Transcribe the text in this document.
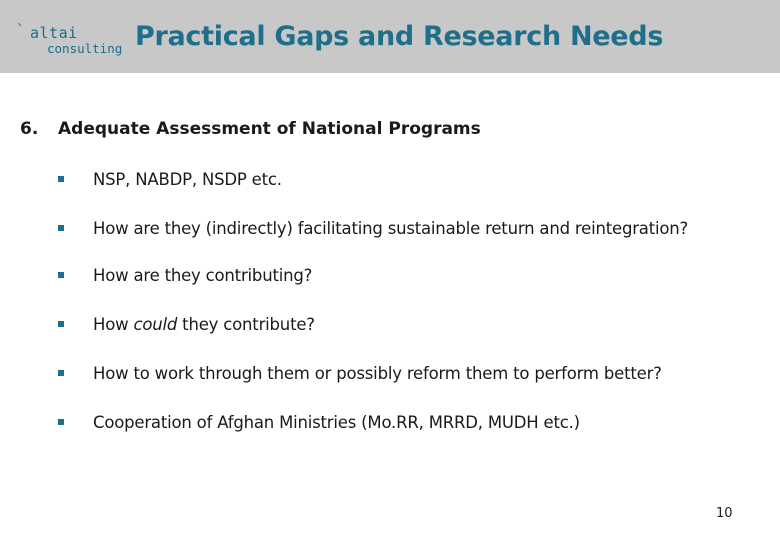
` altai
consulting Practical Gaps and Research Needs
6. Adequate Assessment of National Programs
NSP, NABDP, NSDP etc.
How are they (indirectly) facilitating sustainable return and reintegration?
How are they contributing?
How could they contribute?
How to work through them or possibly reform them to perform better?
Cooperation of Afghan Ministries (Mo.RR, MRRD, MUDH etc.)
10
